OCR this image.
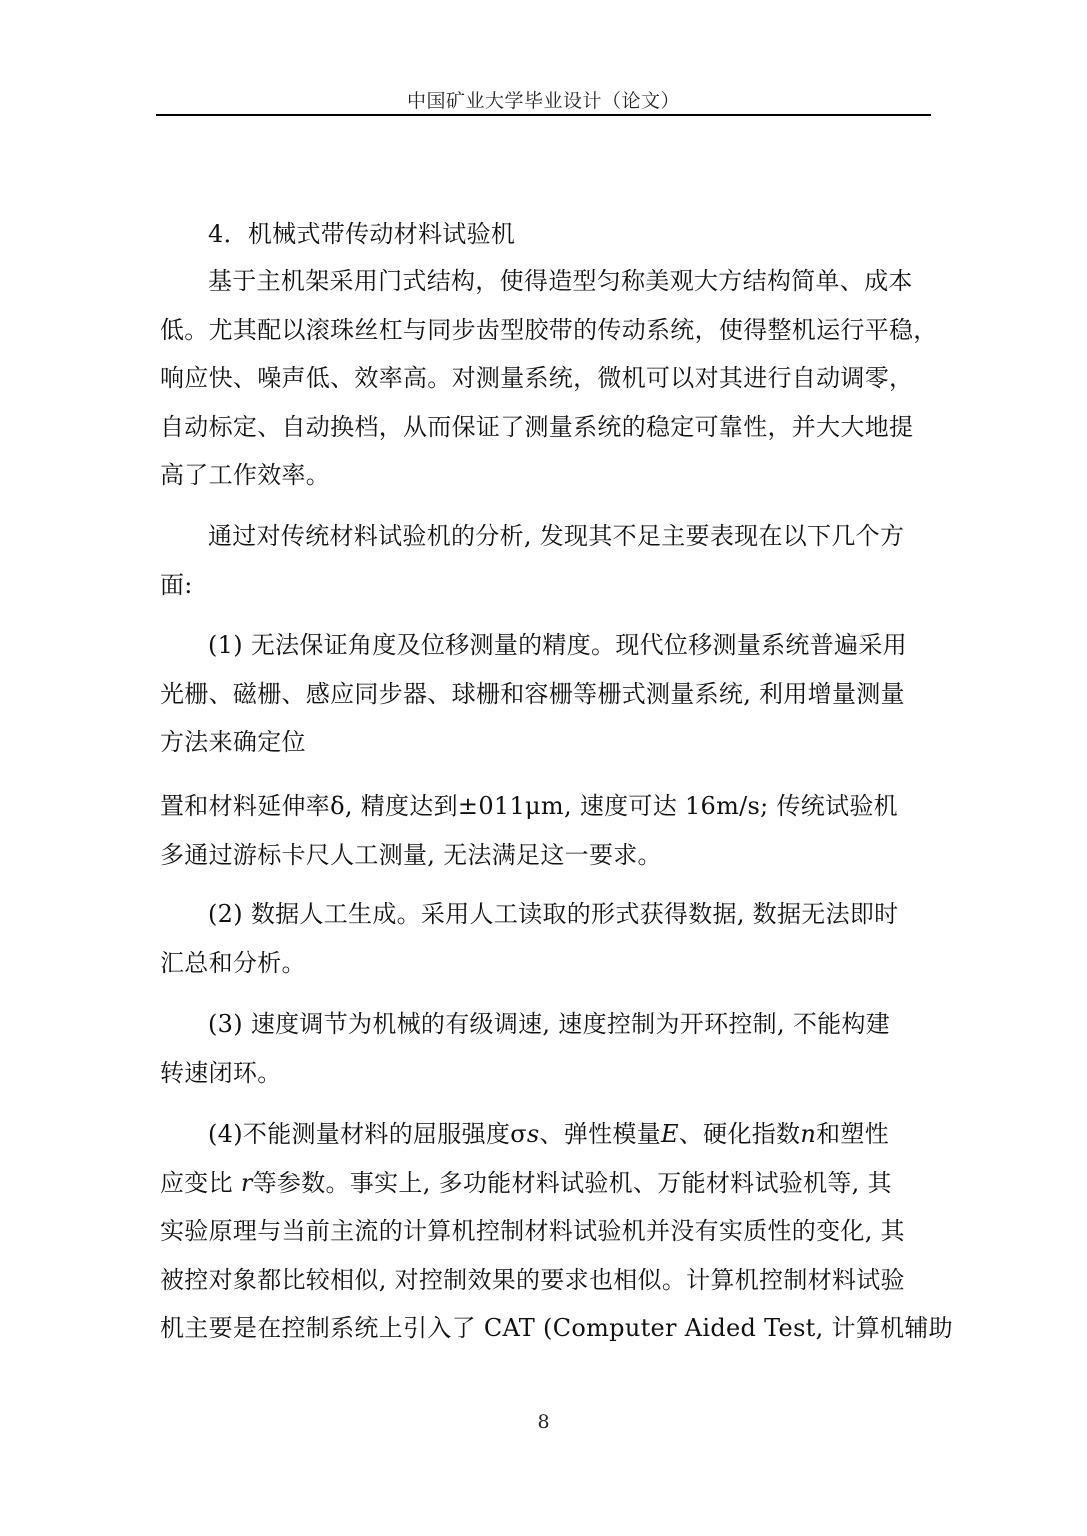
中国矿业大学毕业设计（论文）

4．机械式带传动材料试验机

基于主机架采用门式结构，使得造型匀称美观大方结构简单、成本
低。尤其配以滚珠丝杠与同步齿型胶带的传动系统，使得整机运行平稳，
响应快、噪声低、效率高。对测量系统，微机可以对其进行自动调零，
自动标定、自动换档，从而保证了测量系统的稳定可靠性，并大大地提
高了工作效率。

通过对传统材料试验机的分析, 发现其不足主要表现在以下几个方
面:

(1) 无法保证角度及位移测量的精度。现代位移测量系统普遍采用
光栅、磁栅、感应同步器、球栅和容栅等栅式测量系统, 利用增量测量
方法来确定位

置和材料延伸率δ, 精度达到±011μm, 速度可达 16m/s; 传统试验机
多通过游标卡尺人工测量, 无法满足这一要求。

(2) 数据人工生成。采用人工读取的形式获得数据, 数据无法即时
汇总和分析。

(3) 速度调节为机械的有级调速, 速度控制为开环控制, 不能构建
转速闭环。

(4)不能测量材料的屈服强度σs、弹性模量E、硬化指数n和塑性
应变比 r等参数。事实上, 多功能材料试验机、万能材料试验机等, 其
实验原理与当前主流的计算机控制材料试验机并没有实质性的变化, 其
被控对象都比较相似, 对控制效果的要求也相似。计算机控制材料试验
机主要是在控制系统上引入了 CAT (Computer Aided Test, 计算机辅助

8
